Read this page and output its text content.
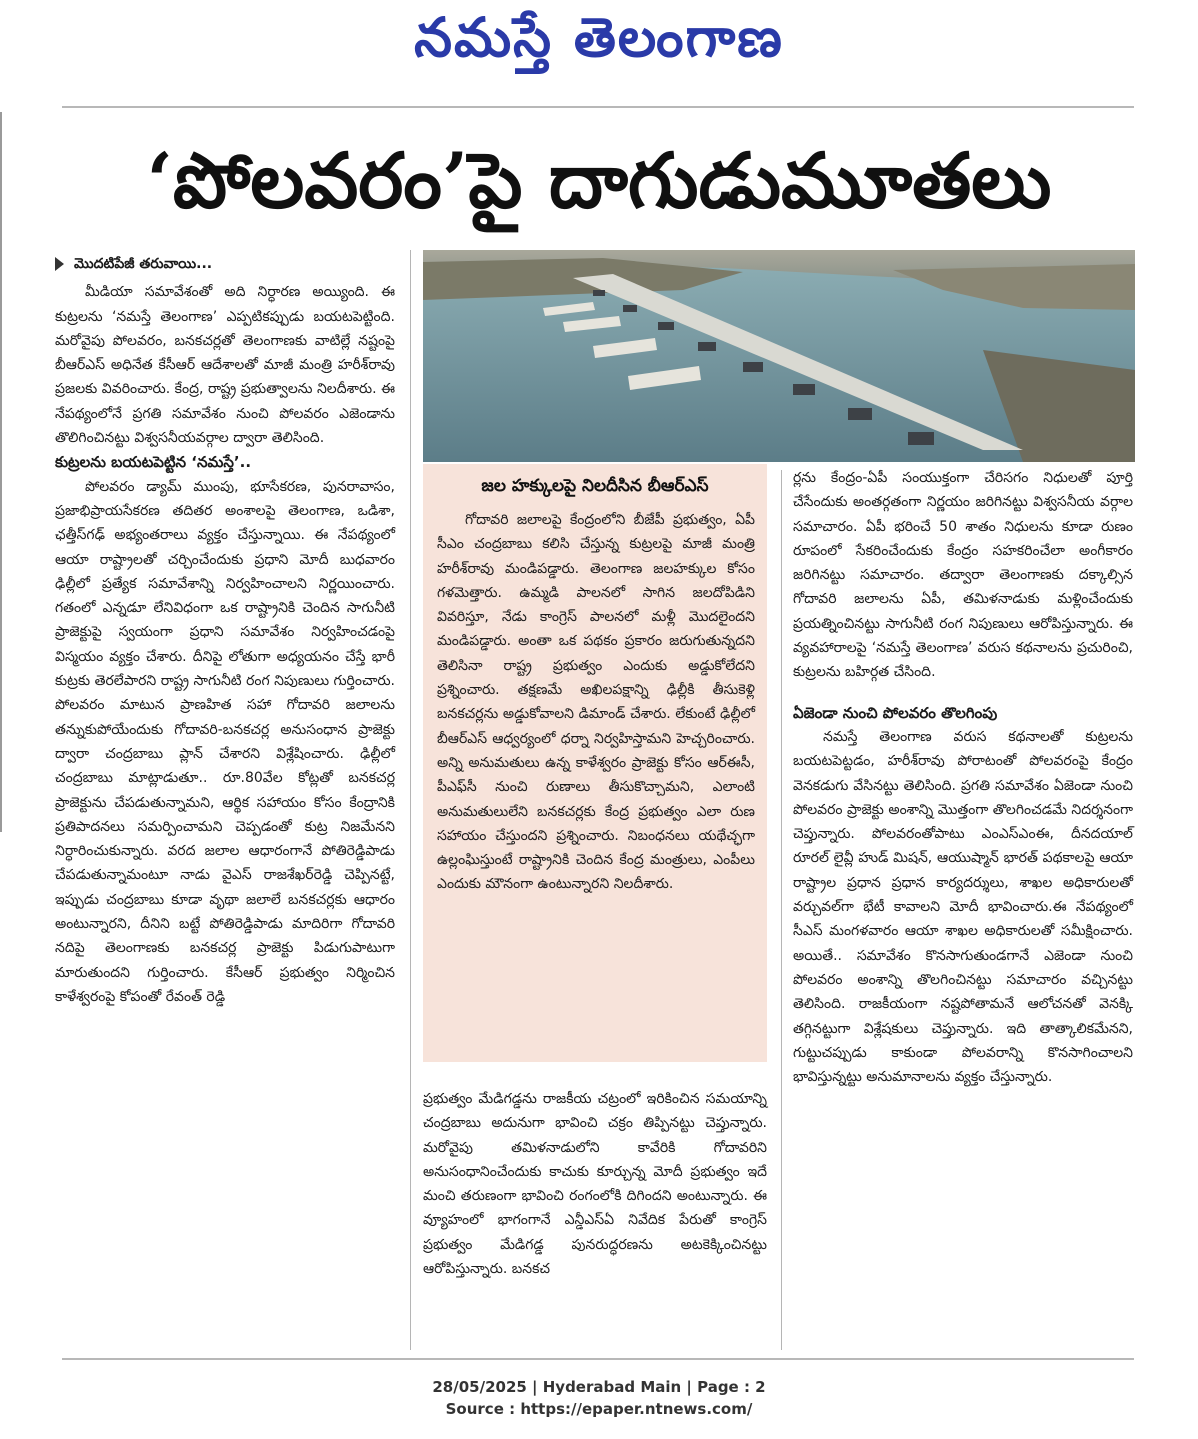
నమస్తే తెలంగాణ
‘పోలవరం’పై దాగుడుమూతలు
మొదటిపేజీ తరువాయి...

మీడియా సమావేశంతో అది నిర్ధారణ అయ్యింది. ఈ కుట్రలను ‘నమస్తే తెలంగాణ’ ఎప్పటికప్పుడు బయటపెట్టింది. మరోవైపు పోలవరం, బనకచర్లతో తెలంగాణకు వాటిల్లే నష్టంపై బీఆర్ఎస్ అధినేత కేసీఆర్ ఆదేశాలతో మాజీ మంత్రి హరీశ్‌రావు ప్రజలకు వివరించారు. కేంద్ర, రాష్ట్ర ప్రభుత్వాలను నిలదీశారు. ఈ నేపథ్యంలోనే ప్రగతి సమావేశం నుంచి పోలవరం ఎజెండాను తొలిగించినట్టు విశ్వసనీయవర్గాల ద్వారా తెలిసింది.

కుట్రలను బయటపెట్టిన ‘నమస్తే’..

పోలవరం డ్యామ్ ముంపు, భూసేకరణ, పునరావాసం, ప్రజాభిప్రాయసేకరణ తదితర అంశాలపై తెలంగాణ, ఒడిశా, ఛత్తీస్‌గఢ్ అభ్యంతరాలు వ్యక్తం చేస్తున్నాయి. ఈ నేపథ్యంలో ఆయా రాష్ట్రాలతో చర్చించేందుకు ప్రధాని మోదీ బుధవారం ఢిల్లీలో ప్రత్యేక సమావేశాన్ని నిర్వహించాలని నిర్ణయించారు. గతంలో ఎన్నడూ లేనివిధంగా ఒక రాష్ట్రానికి చెందిన సాగునీటి ప్రాజెక్టుపై స్వయంగా ప్రధాని సమావేశం నిర్వహించడంపై విస్మయం వ్యక్తం చేశారు. దీనిపై లోతుగా అధ్యయనం చేస్తే భారీ కుట్రకు తెరలేపారని రాష్ట్ర సాగునీటి రంగ నిపుణులు గుర్తించారు. పోలవరం మాటున ప్రాణహిత సహా గోదావరి జలాలను తన్నుకుపోయేందుకు గోదావరి-బనకచర్ల అనుసంధాన ప్రాజెక్టు ద్వారా చంద్రబాబు ప్లాన్ చేశారని విశ్లేషించారు. ఢిల్లీలో చంద్రబాబు మాట్లాడుతూ.. రూ.80వేల కోట్లతో బనకచర్ల ప్రాజెక్టును చేపడుతున్నామని, ఆర్థిక సహాయం కోసం కేంద్రానికి ప్రతిపాదనలు సమర్పించామని చెప్పడంతో కుట్ర నిజమేనని నిర్ధారించుకున్నారు. వరద జలాల ఆధారంగానే పోతిరెడ్డిపాడు చేపడుతున్నామంటూ నాడు వైఎస్ రాజశేఖర్‌రెడ్డి చెప్పినట్టే, ఇప్పుడు చంద్రబాబు కూడా వృథా జలాలే బనకచర్లకు ఆధారం అంటున్నారని, దీనిని బట్టే పోతిరెడ్డిపాడు మాదిరిగా గోదావరి నదిపై తెలంగాణకు బనకచర్ల ప్రాజెక్టు పిడుగుపాటుగా మారుతుందని గుర్తించారు. కేసీఆర్ ప్రభుత్వం నిర్మించిన కాళేశ్వరంపై కోపంతో రేవంత్ రెడ్డి

జల హక్కులపై నిలదీసిన బీఆర్ఎస్

గోదావరి జలాలపై కేంద్రంలోని బీజేపీ ప్రభుత్వం, ఏపీ సీఎం చంద్రబాబు కలిసి చేస్తున్న కుట్రలపై మాజీ మంత్రి హరీశ్‌రావు మండిపడ్డారు. తెలంగాణ జలహక్కుల కోసం గళమెత్తారు. ఉమ్మడి పాలనలో సాగిన జలదోపిడిని వివరిస్తూ, నేడు కాంగ్రెస్ పాలనలో మళ్లీ మొదలైందని మండిపడ్డారు. అంతా ఒక పథకం ప్రకారం జరుగుతున్నదని తెలిసినా రాష్ట్ర ప్రభుత్వం ఎందుకు అడ్డుకోలేదని ప్రశ్నించారు. తక్షణమే అఖిలపక్షాన్ని ఢిల్లీకి తీసుకెళ్లి బనకచర్లను అడ్డుకోవాలని డిమాండ్ చేశారు. లేకుంటే ఢిల్లీలో బీఆర్ఎస్ ఆధ్వర్యంలో ధర్నా నిర్వహిస్తామని హెచ్చరించారు. అన్ని అనుమతులు ఉన్న కాళేశ్వరం ప్రాజెక్టు కోసం ఆర్ఈసీ, పీఎఫ్‌సీ నుంచి రుణాలు తీసుకొచ్చామని, ఎలాంటి అనుమతులులేని బనకచర్లకు కేంద్ర ప్రభుత్వం ఎలా రుణ సహాయం చేస్తుందని ప్రశ్నించారు. నిబంధనలు యథేచ్ఛగా ఉల్లంఘిస్తుంటే రాష్ట్రానికి చెందిన కేంద్ర మంత్రులు, ఎంపీలు ఎందుకు మౌనంగా ఉంటున్నారని నిలదీశారు.

ప్రభుత్వం మేడిగడ్డను రాజకీయ చట్రంలో ఇరికించిన సమయాన్ని చంద్రబాబు అదునుగా భావించి చక్రం తిప్పినట్టు చెప్తున్నారు. మరోవైపు తమిళనాడులోని కావేరికి గోదావరిని అనుసంధానించేందుకు కాచుకు కూర్చున్న మోదీ ప్రభుత్వం ఇదే మంచి తరుణంగా భావించి రంగంలోకి దిగిందని అంటున్నారు. ఈ వ్యూహంలో భాగంగానే ఎన్డీఎస్ఏ నివేదిక పేరుతో కాంగ్రెస్ ప్రభుత్వం మేడిగడ్డ పునరుద్ధరణను అటకెక్కించినట్టు ఆరోపిస్తున్నారు. బనకచ

ర్లను కేంద్రం-ఏపీ సంయుక్తంగా చేరిసగం నిధులతో పూర్తి చేసేందుకు అంతర్గతంగా నిర్ణయం జరిగినట్టు విశ్వసనీయ వర్గాల సమాచారం. ఏపీ భరించే 50 శాతం నిధులను కూడా రుణం రూపంలో సేకరించేందుకు కేంద్రం సహకరించేలా అంగీకారం జరిగినట్టు సమాచారం. తద్వారా తెలంగాణకు దక్కాల్సిన గోదావరి జలాలను ఏపీ, తమిళనాడుకు మళ్లించేందుకు ప్రయత్నించినట్టు సాగునీటి రంగ నిపుణులు ఆరోపిస్తున్నారు. ఈ వ్యవహారాలపై ‘నమస్తే తెలంగాణ’ వరుస కథనాలను ప్రచురించి, కుట్రలను బహిర్గత చేసింది.

ఏజెండా నుంచి పోలవరం తొలగింపు

నమస్తే తెలంగాణ వరుస కథనాలతో కుట్రలను బయటపెట్టడం, హరీశ్‌రావు పోరాటంతో పోలవరంపై కేంద్రం వెనకడుగు వేసినట్టు తెలిసింది. ప్రగతి సమావేశం ఏజెండా నుంచి పోలవరం ప్రాజెక్టు అంశాన్ని మొత్తంగా తొలగించడమే నిదర్శనంగా చెప్తున్నారు. పోలవరంతోపాటు ఎంఎస్ఎంఈ, దీనదయాల్ రూరల్ లైవ్లీ హుడ్ మిషన్, ఆయుష్మాన్ భారత్ పథకాలపై ఆయా రాష్ట్రాల ప్రధాన ప్రధాన కార్యదర్శులు, శాఖల అధికారులతో వర్చువల్‌గా భేటీ కావాలని మోదీ భావించారు.ఈ నేపథ్యంలో సీఎస్ మంగళవారం ఆయా శాఖల అధికారులతో సమీక్షించారు. అయితే.. సమావేశం కొనసాగుతుండగానే ఎజెండా నుంచి పోలవరం అంశాన్ని తొలగించినట్టు సమాచారం వచ్చినట్టు తెలిసింది. రాజకీయంగా నష్టపోతామనే ఆలోచనతో వెనక్కి తగ్గినట్టుగా విశ్లేషకులు చెప్తున్నారు. ఇది తాత్కాలికమేనని, గుట్టుచప్పుడు కాకుండా పోలవరాన్ని కొనసాగించాలని భావిస్తున్నట్టు అనుమానాలను వ్యక్తం చేస్తున్నారు.

28/05/2025 | Hyderabad Main | Page : 2
Source : https://epaper.ntnews.com/
